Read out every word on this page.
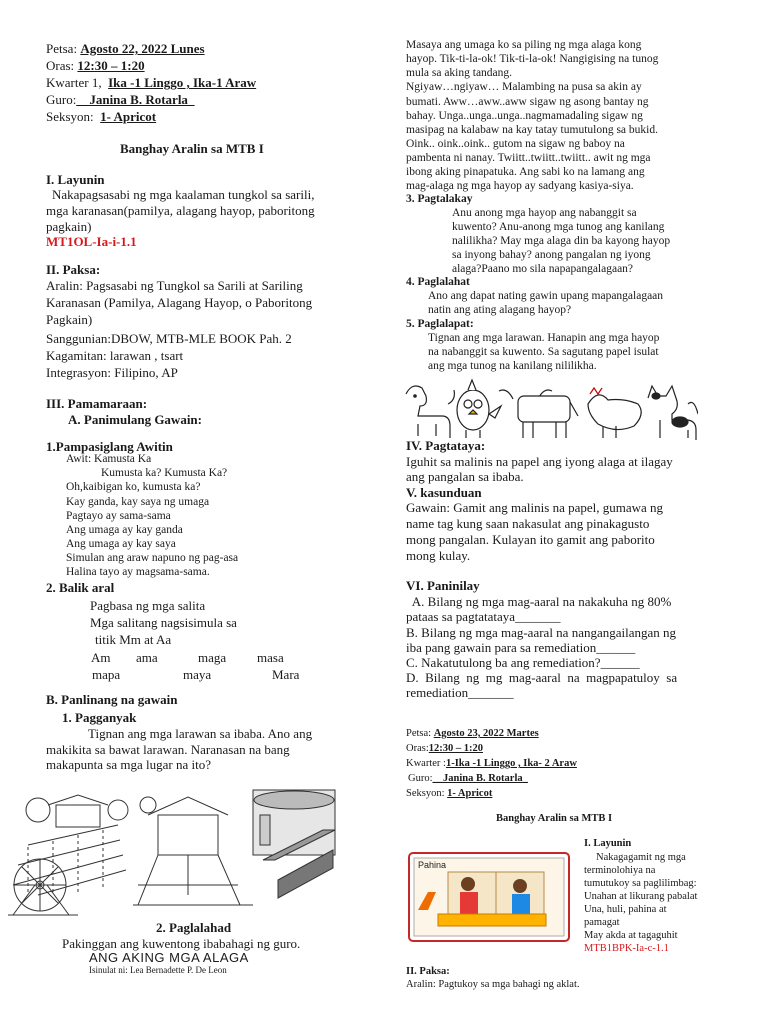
Petsa: Agosto 22, 2022 Lunes
Oras: 12:30 – 1:20
Kwarter 1, Ika -1 Linggo , Ika-1 Araw
Guro:__Janina B. Rotarla_
Seksyon: 1- Apricot
Banghay Aralin sa MTB I
I. Layunin
Nakapagsasabi ng mga kaalaman tungkol sa sarili,
mga karanasan(pamilya, alagang hayop, paboritong
pagkain)
MT1OL-Ia-i-1.1
II. Paksa:
Aralin: Pagsasabi ng Tungkol sa Sarili at Sariling
Karanasan (Pamilya, Alagang Hayop, o Paboritong
Pagkain)
Sanggunian:DBOW, MTB-MLE BOOK Pah. 2
Kagamitan: larawan , tsart
Integrasyon: Filipino, AP
III. Pamamaraan:
A. Panimulang Gawain:
1.Pampasiglang Awitin
Awit: Kamusta Ka
Kumusta ka? Kumusta Ka?
Oh,kaibigan ko, kumusta ka?
Kay ganda, kay saya ng umaga
Pagtayo ay sama-sama
Ang umaga ay kay ganda
Ang umaga ay kay saya
Simulan ang araw napuno ng pag-asa
Halina tayo ay magsama-sama.
2. Balik aral
Pagbasa ng mga salita
Mga salitang nagsisimula sa
titik Mm at Aa
Am ama	maga masa
mapa	maya	Mara
B. Panlinang na gawain
1. Pagganyak
Tignan ang mga larawan sa ibaba. Ano ang
makikita sa bawat larawan. Naranasan na bang
makapunta sa mga lugar na ito?
2. Paglalahad
Pakinggan ang kuwentong ibabahagi ng guro.
ANG AKING MGA ALAGA
Isinulat ni: Lea Bernadette P. De Leon
Masaya ang umaga ko sa piling ng mga alaga kong
hayop. Tik-ti-la-ok! Tik-ti-la-ok! Nangigising na tunog
mula sa aking tandang.
Ngiyaw…ngiyaw… Malambing na pusa sa akin ay
bumati. Aww…aww..aww sigaw ng asong bantay ng
bahay. Unga..unga..unga..nagmamadaling sigaw ng
masipag na kalabaw na kay tatay tumutulong sa bukid.
Oink.. oink..oink.. gutom na sigaw ng baboy na
pambenta ni nanay. Twiitt..twiitt..twiitt.. awit ng mga
ibong aking pinapatuka. Ang sabi ko na lamang ang
mag-alaga ng mga hayop ay sadyang kasiya-siya.
3. Pagtalakay
Anu anong mga hayop ang nabanggit sa
kuwento? Anu-anong mga tunog ang kanilang
nalilikha? May mga alaga din ba kayong hayop
sa inyong bahay? anong pangalan ng iyong
alaga?Paano mo sila napapangalagaan?
4. Paglalahat
Ano ang dapat nating gawin upang mapangalagaan
natin ang ating alagang hayop?
5. Paglalapat:
Tignan ang mga larawan. Hanapin ang mga hayop
na nabanggit sa kuwento. Sa sagutang papel isulat
ang mga tunog na kanilang nililikha.
IV. Pagtataya:
Iguhit sa malinis na papel ang iyong alaga at ilagay
ang pangalan sa ibaba.
V. kasunduan
Gawain: Gamit ang malinis na papel, gumawa ng
name tag kung saan nakasulat ang pinakagusto
mong pangalan. Kulayan ito gamit ang paborito
mong kulay.
VI. Paninilay
A. Bilang ng mga mag-aaral na nakakuha ng 80%
pataas sa pagtatataya_______
B. Bilang ng mga mag-aaral na nangangailangan ng
iba pang gawain para sa remediation______
C. Nakatutulong ba ang remediation?______
D.  Bilang  ng  mg  mag-aaral  na  magpapatuloy  sa
remediation_______
Petsa: Agosto 23, 2022 Martes
Oras:12:30 – 1:20
Kwarter :1-Ika -1 Linggo , Ika- 2 Araw
Guro:__Janina B. Rotarla_
Seksyon: 1- Apricot
Banghay Aralin sa MTB I
Pahina
I. Layunin
Nakagagamit ng mga
terminolohiya na
tumutukoy sa paglilimbag:
Unahan at likurang pabalat
Una, huli, pahina at
pamagat
May akda at tagaguhit
MTB1BPK-Ia-c-1.1
II. Paksa:
Aralin: Pagtukoy sa mga bahagi ng aklat.
